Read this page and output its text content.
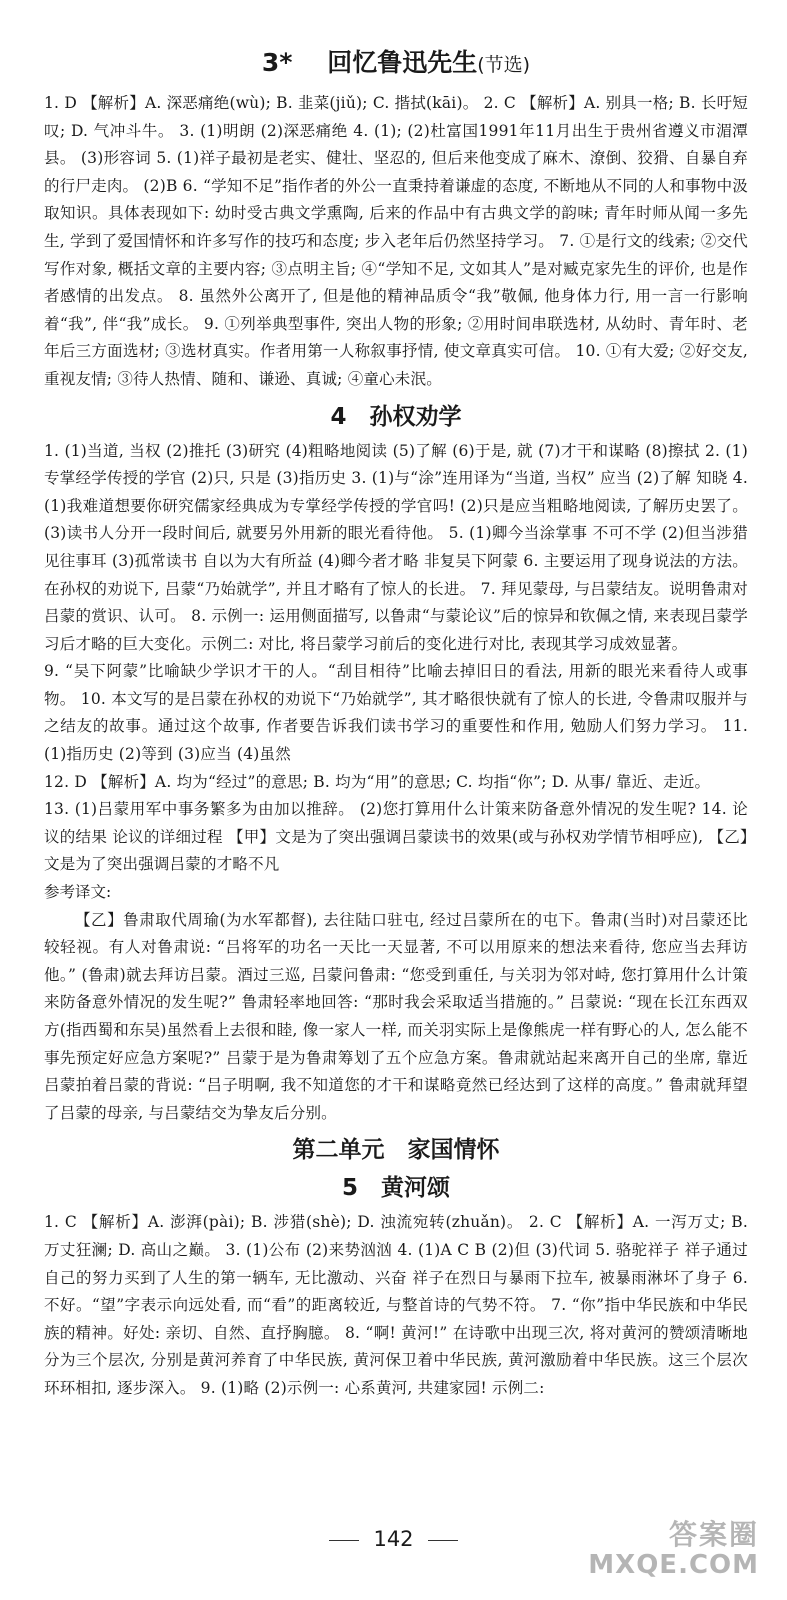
3* 回忆鲁迅先生(节选)

1. D 【解析】A. 深恶痛绝(wù); B. 韭菜(jiǔ); C. 揩拭(kāi)。 2. C 【解析】A. 别具一格; B. 长吁短叹; D. 气冲斗牛。 3. (1)明朗 (2)深恶痛绝 4. (1); (2)杜富国1991年11月出生于贵州省遵义市湄潭县。 (3)形容词 5. (1)祥子最初是老实、健壮、坚忍的, 但后来他变成了麻木、潦倒、狡猾、自暴自弃的行尸走肉。 (2)B 6. “学知不足”指作者的外公一直秉持着谦虚的态度, 不断地从不同的人和事物中汲取知识。具体表现如下: 幼时受古典文学熏陶, 后来的作品中有古典文学的韵味; 青年时师从闻一多先生, 学到了爱国情怀和许多写作的技巧和态度; 步入老年后仍然坚持学习。 7. ①是行文的线索; ②交代写作对象, 概括文章的主要内容; ③点明主旨; ④“学知不足, 文如其人”是对臧克家先生的评价, 也是作者感情的出发点。 8. 虽然外公离开了, 但是他的精神品质令“我”敬佩, 他身体力行, 用一言一行影响着“我”, 伴“我”成长。 9. ①列举典型事件, 突出人物的形象; ②用时间串联选材, 从幼时、青年时、老年后三方面选材; ③选材真实。作者用第一人称叙事抒情, 使文章真实可信。 10. ①有大爱; ②好交友, 重视友情; ③待人热情、随和、谦逊、真诚; ④童心未泯。

4　孙权劝学

1. (1)当道, 当权 (2)推托 (3)研究 (4)粗略地阅读 (5)了解 (6)于是, 就 (7)才干和谋略 (8)擦拭 2. (1)专掌经学传授的学官 (2)只, 只是 (3)指历史 3. (1)与“涂”连用译为“当道, 当权” 应当 (2)了解 知晓 4. (1)我难道想要你研究儒家经典成为专掌经学传授的学官吗! (2)只是应当粗略地阅读, 了解历史罢了。 (3)读书人分开一段时间后, 就要另外用新的眼光看待他。 5. (1)卿今当涂掌事 不可不学 (2)但当涉猎 见往事耳 (3)孤常读书 自以为大有所益 (4)卿今者才略 非复吴下阿蒙 6. 主要运用了现身说法的方法。在孙权的劝说下, 吕蒙“乃始就学”, 并且才略有了惊人的长进。 7. 拜见蒙母, 与吕蒙结友。说明鲁肃对吕蒙的赏识、认可。 8. 示例一: 运用侧面描写, 以鲁肃“与蒙论议”后的惊异和钦佩之情, 来表现吕蒙学习后才略的巨大变化。示例二: 对比, 将吕蒙学习前后的变化进行对比, 表现其学习成效显著。

9. “吴下阿蒙”比喻缺少学识才干的人。“刮目相待”比喻去掉旧日的看法, 用新的眼光来看待人或事物。 10. 本文写的是吕蒙在孙权的劝说下“乃始就学”, 其才略很快就有了惊人的长进, 令鲁肃叹服并与之结友的故事。通过这个故事, 作者要告诉我们读书学习的重要性和作用, 勉励人们努力学习。 11. (1)指历史 (2)等到 (3)应当 (4)虽然

12. D 【解析】A. 均为“经过”的意思; B. 均为“用”的意思; C. 均指“你”; D. 从事/ 靠近、走近。

13. (1)吕蒙用军中事务繁多为由加以推辞。 (2)您打算用什么计策来防备意外情况的发生呢? 14. 论议的结果 论议的详细过程 【甲】文是为了突出强调吕蒙读书的效果(或与孙权劝学情节相呼应), 【乙】文是为了突出强调吕蒙的才略不凡

参考译文:

【乙】鲁肃取代周瑜(为水军都督), 去往陆口驻屯, 经过吕蒙所在的屯下。鲁肃(当时)对吕蒙还比较轻视。有人对鲁肃说: “吕将军的功名一天比一天显著, 不可以用原来的想法来看待, 您应当去拜访他。” (鲁肃)就去拜访吕蒙。酒过三巡, 吕蒙问鲁肃: “您受到重任, 与关羽为邻对峙, 您打算用什么计策来防备意外情况的发生呢?” 鲁肃轻率地回答: “那时我会采取适当措施的。” 吕蒙说: “现在长江东西双方(指西蜀和东吴)虽然看上去很和睦, 像一家人一样, 而关羽实际上是像熊虎一样有野心的人, 怎么能不事先预定好应急方案呢?” 吕蒙于是为鲁肃筹划了五个应急方案。鲁肃就站起来离开自己的坐席, 靠近吕蒙拍着吕蒙的背说: “吕子明啊, 我不知道您的才干和谋略竟然已经达到了这样的高度。” 鲁肃就拜望了吕蒙的母亲, 与吕蒙结交为挚友后分别。

第二单元　家国情怀
5　黄河颂

1. C 【解析】A. 澎湃(pài); B. 涉猎(shè); D. 浊流宛转(zhuǎn)。 2. C 【解析】A. 一泻万丈; B. 万丈狂澜; D. 高山之巅。 3. (1)公布 (2)来势汹汹 4. (1)A C B (2)但 (3)代词 5. 骆驼祥子 祥子通过自己的努力买到了人生的第一辆车, 无比激动、兴奋 祥子在烈日与暴雨下拉车, 被暴雨淋坏了身子 6. 不好。“望”字表示向远处看, 而“看”的距离较近, 与整首诗的气势不符。 7. “你”指中华民族和中华民族的精神。好处: 亲切、自然、直抒胸臆。 8. “啊! 黄河!” 在诗歌中出现三次, 将对黄河的赞颂清晰地分为三个层次, 分别是黄河养育了中华民族, 黄河保卫着中华民族, 黄河激励着中华民族。这三个层次环环相扣, 逐步深入。 9. (1)略 (2)示例一: 心系黄河, 共建家园! 示例二:

142	答案圈
MXQE.COM
